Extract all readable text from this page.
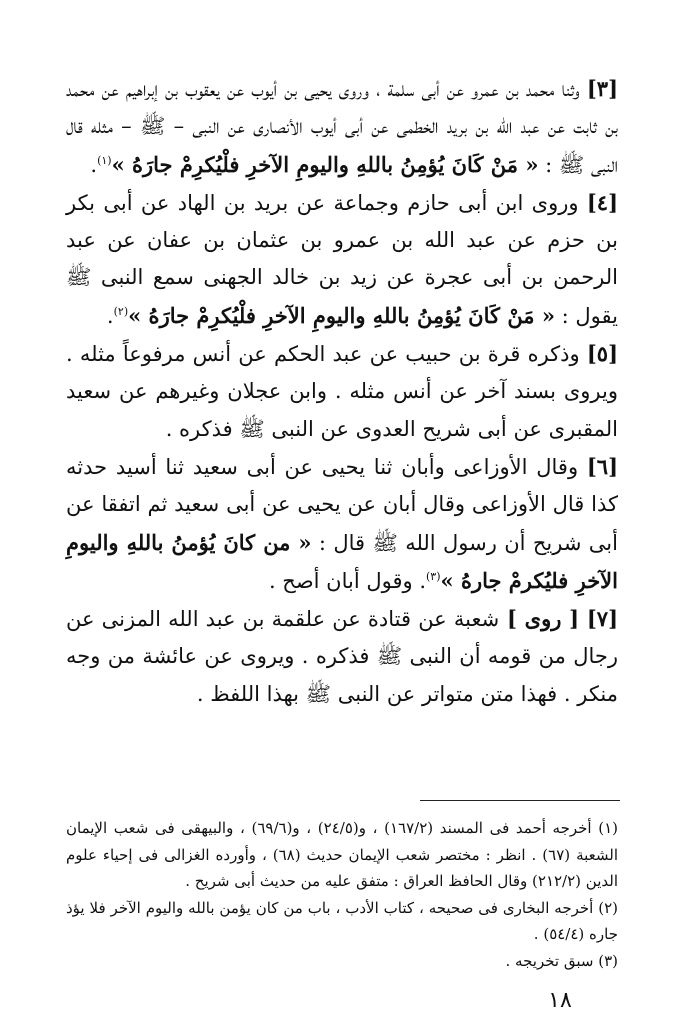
[٣] وثنا محمد بن عمرو عن أبى سلمة ، وروى يحيى بن أيوب عن يعقوب بن إبراهيم عن محمد بن ثابت عن عبد الله بن بريد الخطمى عن أبى أيوب الأنصارى عن النبى – ﷺ – مثله قال النبى ﷺ : « مَنْ كَانَ يُؤمِنُ باللهِ واليومِ الآخرِ فلْيُكرِمْ جارَهُ »$^{(١)}$.

[٤] وروى ابن أبى حازم وجماعة عن بريد بن الهاد عن أبى بكر بن حزم عن عبد الله بن عمرو بن عثمان بن عفان عن عبد الرحمن بن أبى عجرة عن زيد بن خالد الجهنى سمع النبى ﷺ يقول : « مَنْ كَانَ يُؤمِنُ باللهِ واليومِ الآخرِ فلْيُكرِمْ جارَهُ »$^{(٢)}$.

[٥] وذكره قرة بن حبيب عن عبد الحكم عن أنس مرفوعاً مثله . ويروى بسند آخر عن أنس مثله . وابن عجلان وغيرهم عن سعيد المقبرى عن أبى شريح العدوى عن النبى ﷺ فذكره .

[٦] وقال الأوزاعى وأبان ثنا يحيى عن أبى سعيد ثنا أسيد حدثه كذا قال الأوزاعى وقال أبان عن يحيى عن أبى سعيد ثم اتفقا عن أبى شريح أن رسول الله ﷺ قال : « من كانَ يُؤمنُ باللهِ واليومِ الآخرِ فليُكرمْ جارهُ »$^{(٣)}$. وقول أبان أصح .

[٧] [ روى ] شعبة عن قتادة عن علقمة بن عبد الله المزنى عن رجال من قومه أن النبى ﷺ فذكره . ويروى عن عائشة من وجه منكر . فهذا متن متواتر عن النبى ﷺ بهذا اللفظ .

(١) أخرجه أحمد فى المسند (١٦٧/٢) ، و(٢٤/٥) ، و(٦٩/٦) ، والبيهقى فى شعب الإيمان الشعبة (٦٧) . انظر : مختصر شعب الإيمان حديث (٦٨) ، وأورده الغزالى فى إحياء علوم الدين (٢١٢/٢) وقال الحافظ العراق : متفق عليه من حديث أبى شريح .

(٢) أخرجه البخارى فى صحيحه ، كتاب الأدب ، باب من كان يؤمن بالله واليوم الآخر فلا يؤذ جاره (٥٤/٤) .

(٣) سبق تخريجه .

١٨
